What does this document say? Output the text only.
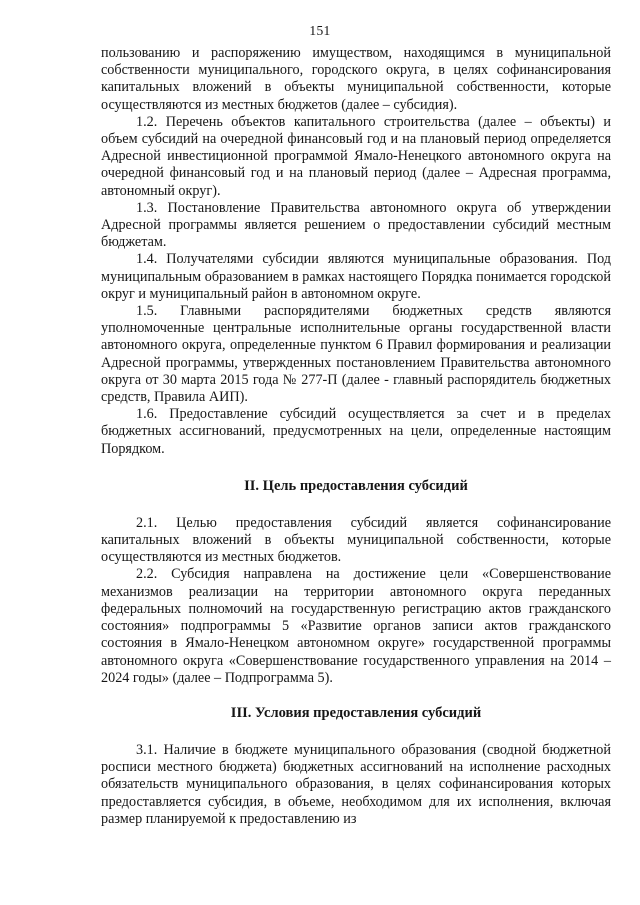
151

пользованию и распоряжению имуществом, находящимся в муниципальной собственности муниципального, городского округа, в целях софинансирования капитальных вложений в объекты муниципальной собственности, которые осуществляются из местных бюджетов (далее – субсидия).

1.2. Перечень объектов капитального строительства (далее – объекты) и объем субсидий на очередной финансовый год и на плановый период определяется Адресной инвестиционной программой Ямало-Ненецкого автономного округа на очередной финансовый год и на плановый период (далее – Адресная программа, автономный округ).

1.3. Постановление Правительства автономного округа об утверждении Адресной программы является решением о предоставлении субсидий местным бюджетам.

1.4. Получателями субсидии являются муниципальные образования. Под муниципальным образованием в рамках настоящего Порядка понимается городской округ и муниципальный район в автономном округе.

1.5. Главными распорядителями бюджетных средств являются уполномоченные центральные исполнительные органы государственной власти автономного округа, определенные пунктом 6 Правил формирования и реализации Адресной программы, утвержденных постановлением Правительства автономного округа от 30 марта 2015 года № 277-П (далее - главный распорядитель бюджетных средств, Правила АИП).

1.6. Предоставление субсидий осуществляется за счет и в пределах бюджетных ассигнований, предусмотренных на цели, определенные настоящим Порядком.

II. Цель предоставления субсидий

2.1. Целью предоставления субсидий является софинансирование капитальных вложений в объекты муниципальной собственности, которые осуществляются из местных бюджетов.

2.2. Субсидия направлена на достижение цели «Совершенствование механизмов реализации на территории автономного округа переданных федеральных полномочий на государственную регистрацию актов гражданского состояния» подпрограммы 5 «Развитие органов записи актов гражданского состояния в Ямало-Ненецком автономном округе» государственной программы автономного округа «Совершенствование государственного управления на 2014 – 2024 годы» (далее – Подпрограмма 5).

III. Условия предоставления субсидий

3.1. Наличие в бюджете муниципального образования (сводной бюджетной росписи местного бюджета) бюджетных ассигнований на исполнение расходных обязательств муниципального образования, в целях софинансирования которых предоставляется субсидия, в объеме, необходимом для их исполнения, включая размер планируемой к предоставлению из
